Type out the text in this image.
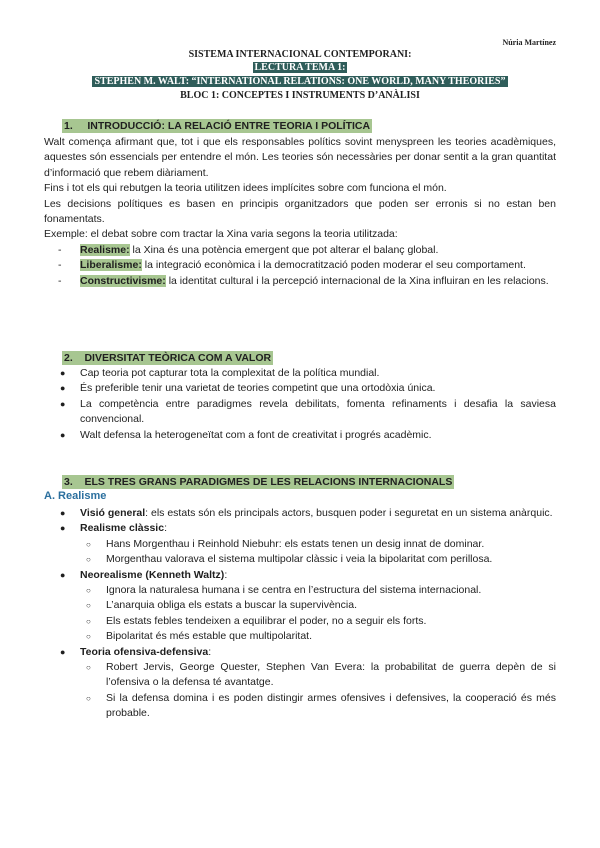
Núria Martínez
SISTEMA INTERNACIONAL CONTEMPORANI:
LECTURA TEMA 1:
STEPHEN M. WALT: “INTERNATIONAL RELATIONS: ONE WORLD, MANY THEORIES”
BLOC 1: CONCEPTES I INSTRUMENTS D’ANÀLISI
1. INTRODUCCIÓ: LA RELACIÓ ENTRE TEORIA I POLÍTICA

Walt comença afirmant que, tot i que els responsables polítics sovint menyspreen les teories acadèmiques, aquestes són essencials per entendre el món. Les teories són necessàries per donar sentit a la gran quantitat d’informació que rebem diàriament.

Fins i tot els qui rebutgen la teoria utilitzen idees implícites sobre com funciona el món.

Les decisions polítiques es basen en principis organitzadors que poden ser erronis si no estan ben fonamentats.

Exemple: el debat sobre com tractar la Xina varia segons la teoria utilitzada:

- Realisme: la Xina és una potència emergent que pot alterar el balanç global.
- Liberalisme: la integració econòmica i la democratització poden moderar el seu comportament.
- Constructivisme: la identitat cultural i la percepció internacional de la Xina influiran en les relacions.
2. DIVERSITAT TEÒRICA COM A VALOR
● Cap teoria pot capturar tota la complexitat de la política mundial.
● És preferible tenir una varietat de teories competint que una ortodòxia única.
● La competència entre paradigmes revela debilitats, fomenta refinaments i desafia la saviesa convencional.
● Walt defensa la heterogeneïtat com a font de creativitat i progrés acadèmic.
3. ELS TRES GRANS PARADIGMES DE LES RELACIONS INTERNACIONALS
A. Realisme
● Visió general: els estats són els principals actors, busquen poder i seguretat en un sistema anàrquic.
● Realisme clàssic:
○ Hans Morgenthau i Reinhold Niebuhr: els estats tenen un desig innat de dominar.
○ Morgenthau valorava el sistema multipolar clàssic i veia la bipolaritat com perillosa.
● Neorealisme (Kenneth Waltz):
○ Ignora la naturalesa humana i se centra en l’estructura del sistema internacional.
○ L’anarquia obliga els estats a buscar la supervivència.
○ Els estats febles tendeixen a equilibrar el poder, no a seguir els forts.
○ Bipolaritat és més estable que multipolaritat.
● Teoria ofensiva-defensiva:
○ Robert Jervis, George Quester, Stephen Van Evera: la probabilitat de guerra depèn de si l’ofensiva o la defensa té avantatge.
○ Si la defensa domina i es poden distingir armes ofensives i defensives, la cooperació és més probable.
